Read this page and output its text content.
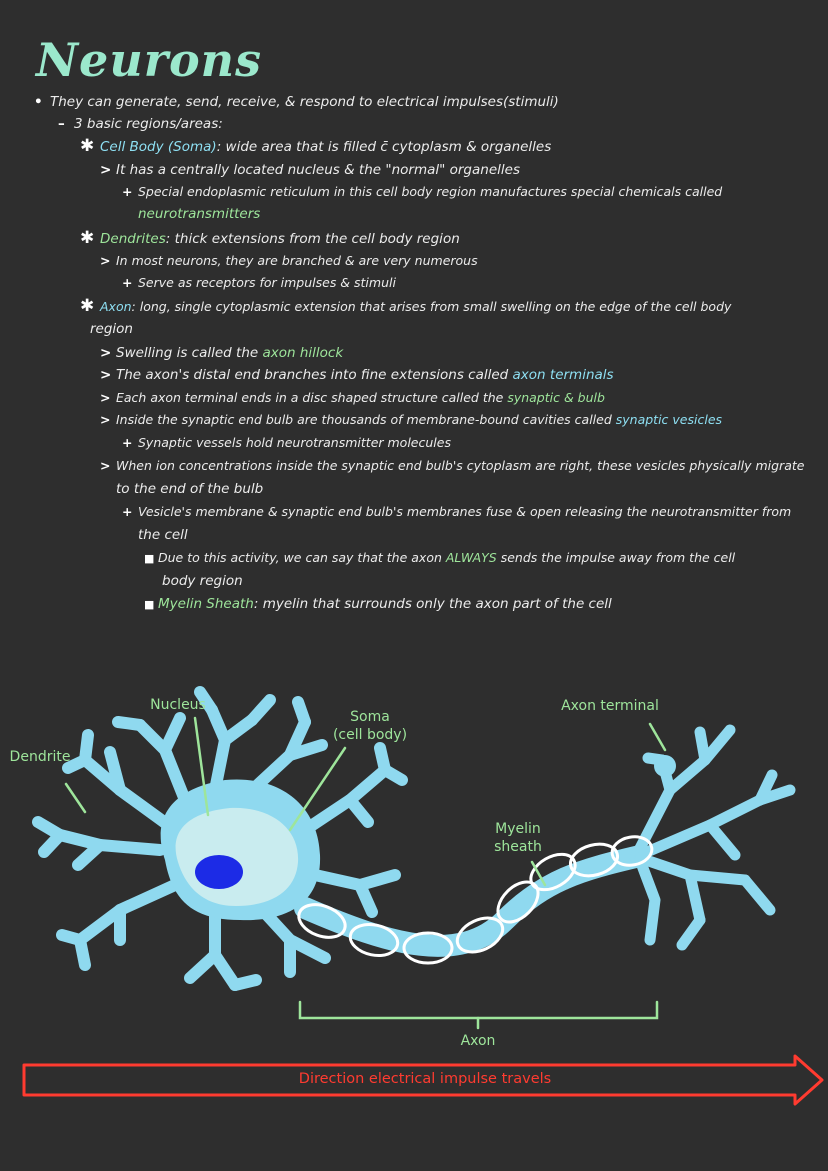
Neurons

• They can generate, send, receive, & respond to electrical impulses(stimuli)

– 3 basic regions/areas:

✱ Cell Body (Soma): wide area that is filled c̄ cytoplasm & organelles

> It has a centrally located nucleus & the "normal" organelles

+ Special endoplasmic reticulum in this cell body region manufactures special chemicals called

neurotransmitters

✱ Dendrites: thick extensions from the cell body region

> In most neurons, they are branched & are very numerous

+ Serve as receptors for impulses & stimuli

✱ Axon: long, single cytoplasmic extension that arises from small swelling on the edge of the cell body

region

> Swelling is called the axon hillock

> The axon's distal end branches into fine extensions called axon terminals

> Each axon terminal ends in a disc shaped structure called the synaptic & bulb

> Inside the synaptic end bulb are thousands of membrane-bound cavities called synaptic vesicles

+ Synaptic vessels hold neurotransmitter molecules

> When ion concentrations inside the synaptic end bulb's cytoplasm are right, these vesicles physically migrate

to the end of the bulb

+ Vesicle's membrane & synaptic end bulb's membranes fuse & open releasing the neurotransmitter from

the cell

■ Due to this activity, we can say that the axon ALWAYS sends the impulse away from the cell

body region

■ Myelin Sheath: myelin that surrounds only the axon part of the cell

Nucleus

Soma

(cell body)

Dendrite

Axon terminal

Myelin

sheath

Axon

Direction electrical impulse travels
